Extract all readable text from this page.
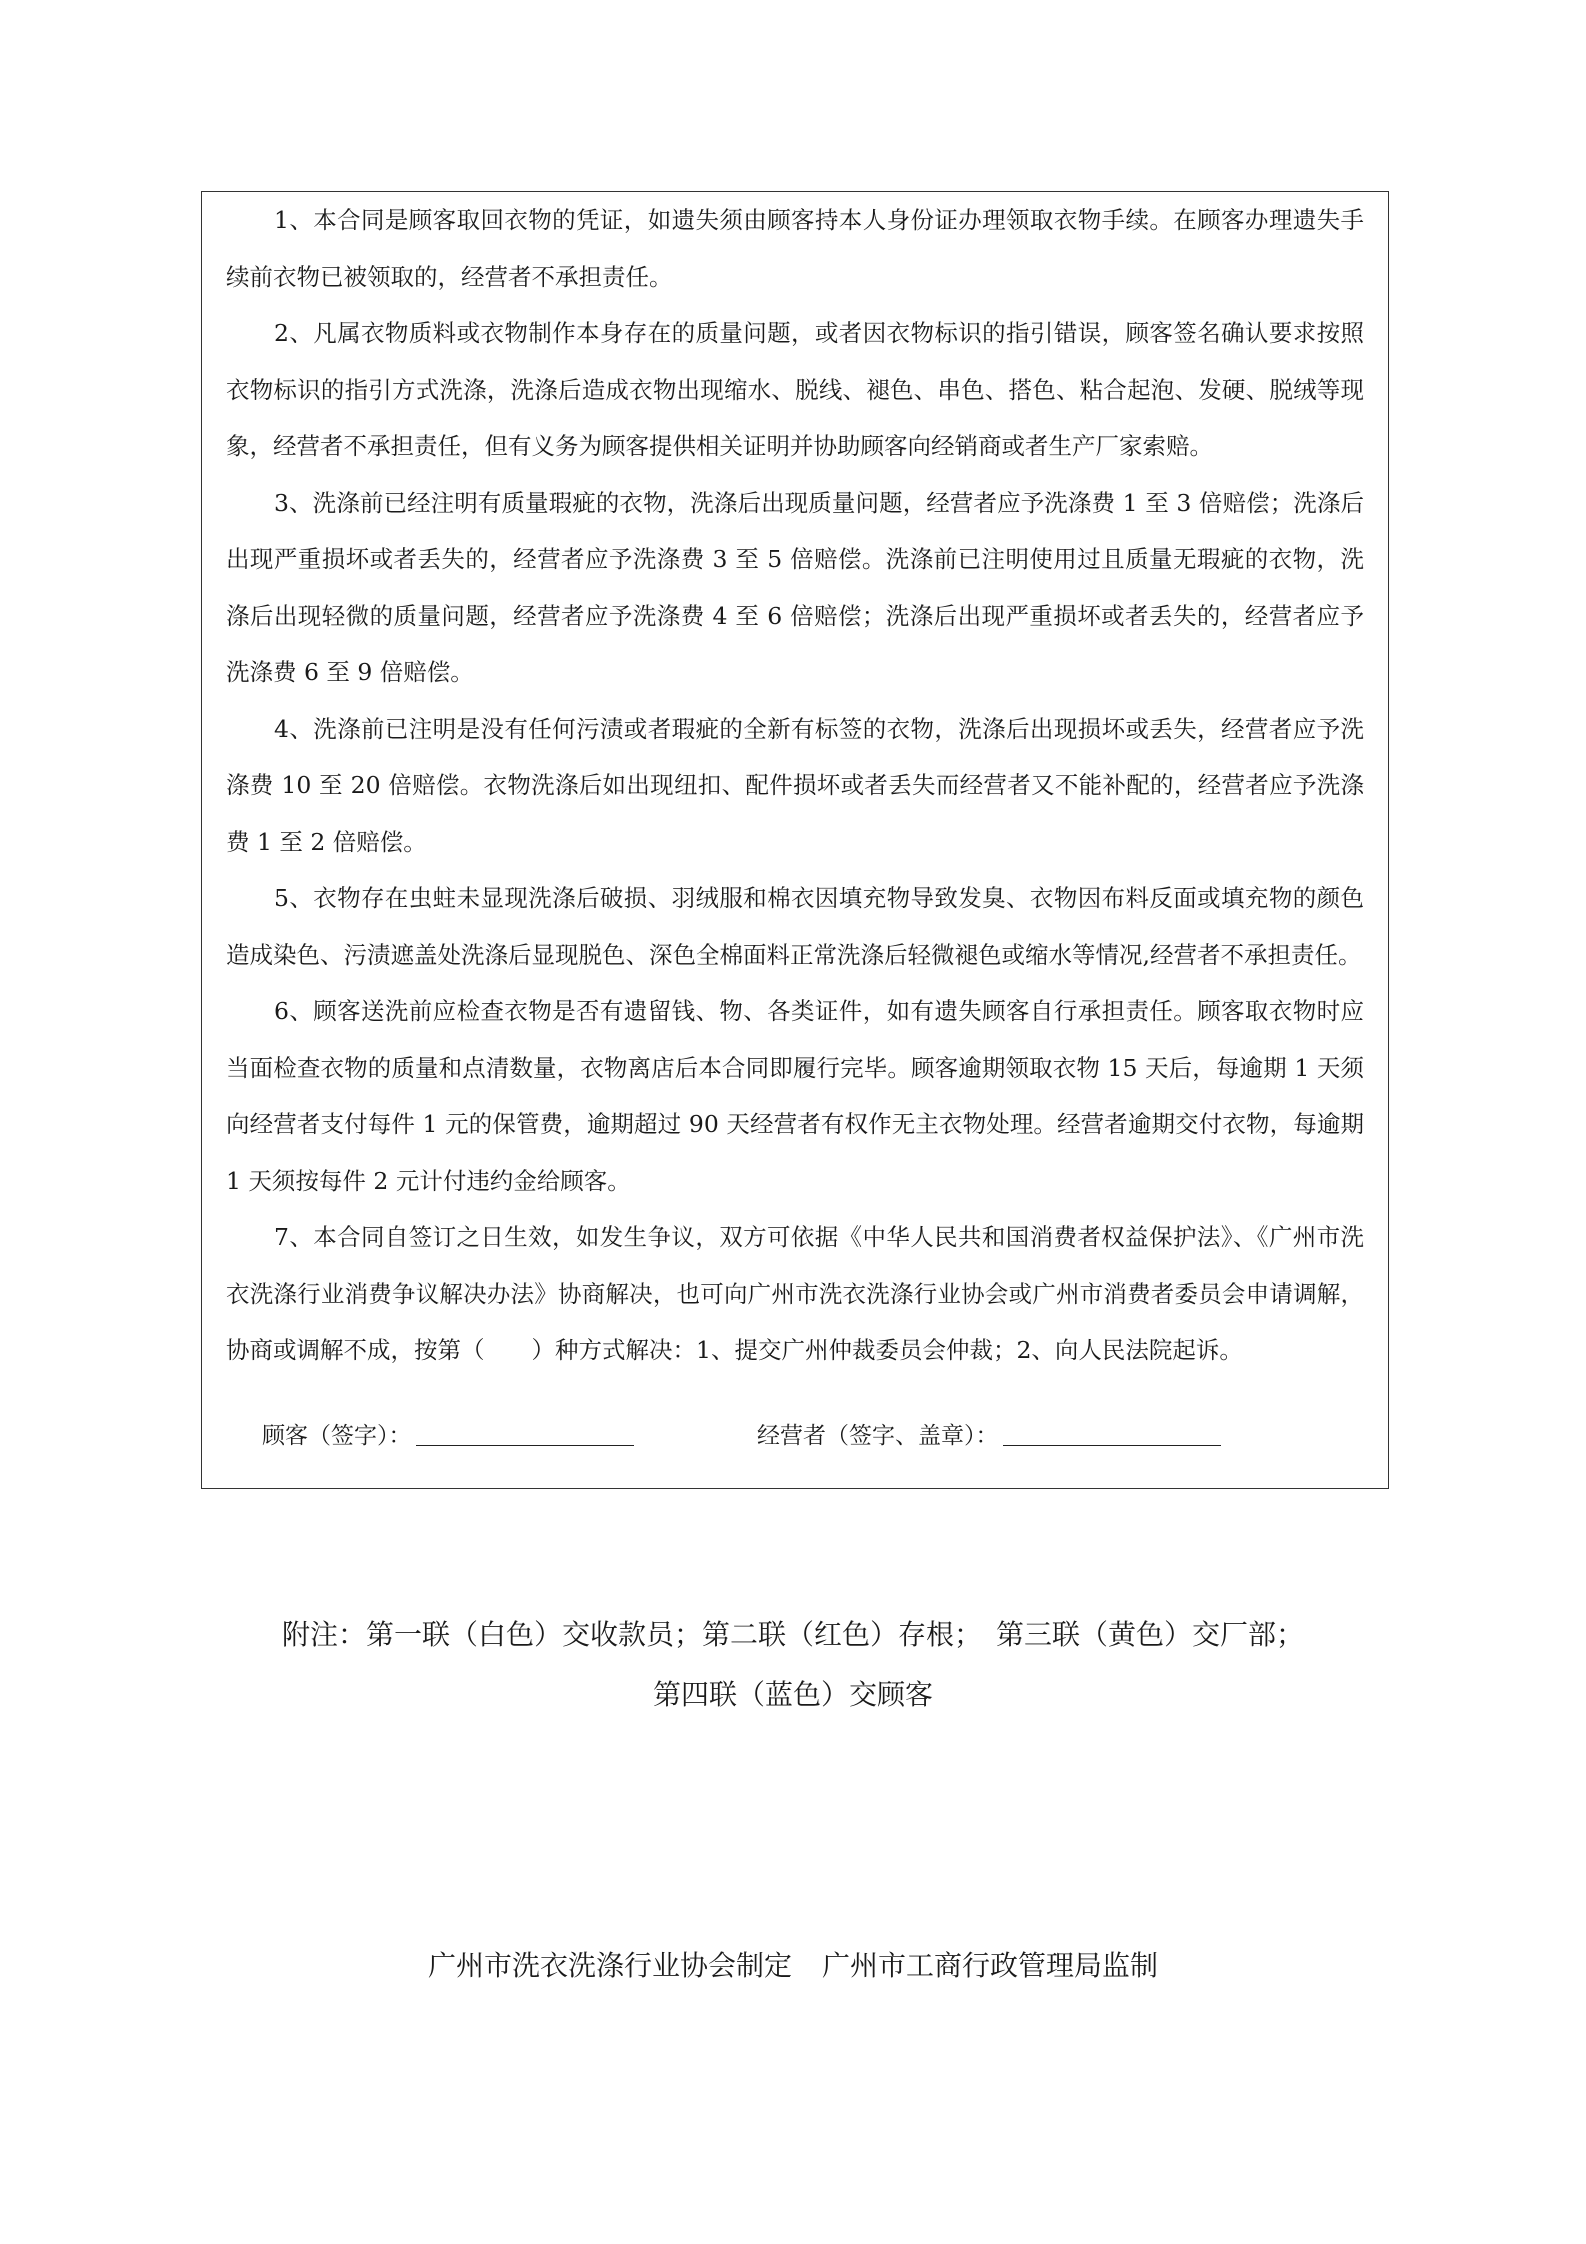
1、本合同是顾客取回衣物的凭证，如遗失须由顾客持本人身份证办理领取衣物手续。在顾客办理遗失手续前衣物已被领取的，经营者不承担责任。

2、凡属衣物质料或衣物制作本身存在的质量问题，或者因衣物标识的指引错误，顾客签名确认要求按照衣物标识的指引方式洗涤，洗涤后造成衣物出现缩水、脱线、褪色、串色、搭色、粘合起泡、发硬、脱绒等现象，经营者不承担责任，但有义务为顾客提供相关证明并协助顾客向经销商或者生产厂家索赔。

3、洗涤前已经注明有质量瑕疵的衣物，洗涤后出现质量问题，经营者应予洗涤费 1 至 3 倍赔偿；洗涤后出现严重损坏或者丢失的，经营者应予洗涤费 3 至 5 倍赔偿。洗涤前已注明使用过且质量无瑕疵的衣物，洗涤后出现轻微的质量问题，经营者应予洗涤费 4 至 6 倍赔偿；洗涤后出现严重损坏或者丢失的，经营者应予洗涤费 6 至 9 倍赔偿。

4、洗涤前已注明是没有任何污渍或者瑕疵的全新有标签的衣物，洗涤后出现损坏或丢失，经营者应予洗涤费 10 至 20 倍赔偿。衣物洗涤后如出现纽扣、配件损坏或者丢失而经营者又不能补配的，经营者应予洗涤费 1 至 2 倍赔偿。

5、衣物存在虫蛀未显现洗涤后破损、羽绒服和棉衣因填充物导致发臭、衣物因布料反面或填充物的颜色造成染色、污渍遮盖处洗涤后显现脱色、深色全棉面料正常洗涤后轻微褪色或缩水等情况,经营者不承担责任。

6、顾客送洗前应检查衣物是否有遗留钱、物、各类证件，如有遗失顾客自行承担责任。顾客取衣物时应当面检查衣物的质量和点清数量，衣物离店后本合同即履行完毕。顾客逾期领取衣物 15 天后，每逾期 1 天须向经营者支付每件 1 元的保管费，逾期超过 90 天经营者有权作无主衣物处理。经营者逾期交付衣物，每逾期 1 天须按每件 2 元计付违约金给顾客。

7、本合同自签订之日生效，如发生争议，双方可依据《中华人民共和国消费者权益保护法》、《广州市洗衣洗涤行业消费争议解决办法》协商解决，也可向广州市洗衣洗涤行业协会或广州市消费者委员会申请调解，协商或调解不成，按第（　　）种方式解决：1、提交广州仲裁委员会仲裁；2、向人民法院起诉。

顾客（签字）：	经营者（签字、盖章）：

附注：第一联（白色）交收款员；第二联（红色）存根；　第三联（黄色）交厂部；

第四联（蓝色）交顾客

广州市洗衣洗涤行业协会制定 广州市工商行政管理局监制
